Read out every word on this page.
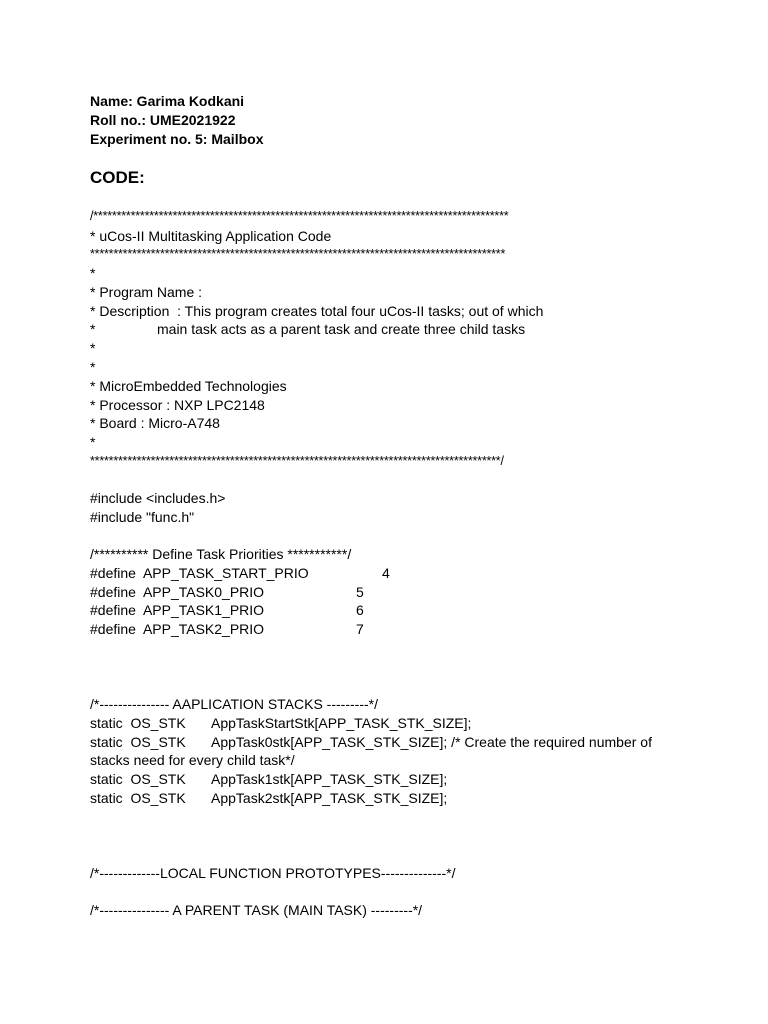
Name: Garima Kodkani
Roll no.: UME2021922
Experiment no. 5: Mailbox
CODE:
/*****************************************************************************************
* uCos-II Multitasking Application Code
*****************************************************************************************
*
* Program Name :
* Description  : This program creates total four uCos-II tasks; out of which
*	main task acts as a parent task and create three child tasks
*
*
* MicroEmbedded Technologies
* Processor : NXP LPC2148
* Board : Micro-A748
*
****************************************************************************************/
#include <includes.h>
#include "func.h"
/********** Define Task Priorities ***********/
#define  APP_TASK_START_PRIO	4
#define  APP_TASK0_PRIO	5
#define  APP_TASK1_PRIO	6
#define  APP_TASK2_PRIO	7
/*--------------- AAPLICATION STACKS ---------*/
static  OS_STK AppTaskStartStk[APP_TASK_STK_SIZE];
static  OS_STK AppTask0stk[APP_TASK_STK_SIZE]; /* Create the required number of
stacks need for every child task*/
static  OS_STK AppTask1stk[APP_TASK_STK_SIZE];
static  OS_STK AppTask2stk[APP_TASK_STK_SIZE];
/*-------------LOCAL FUNCTION PROTOTYPES--------------*/
/*--------------- A PARENT TASK (MAIN TASK) ---------*/
